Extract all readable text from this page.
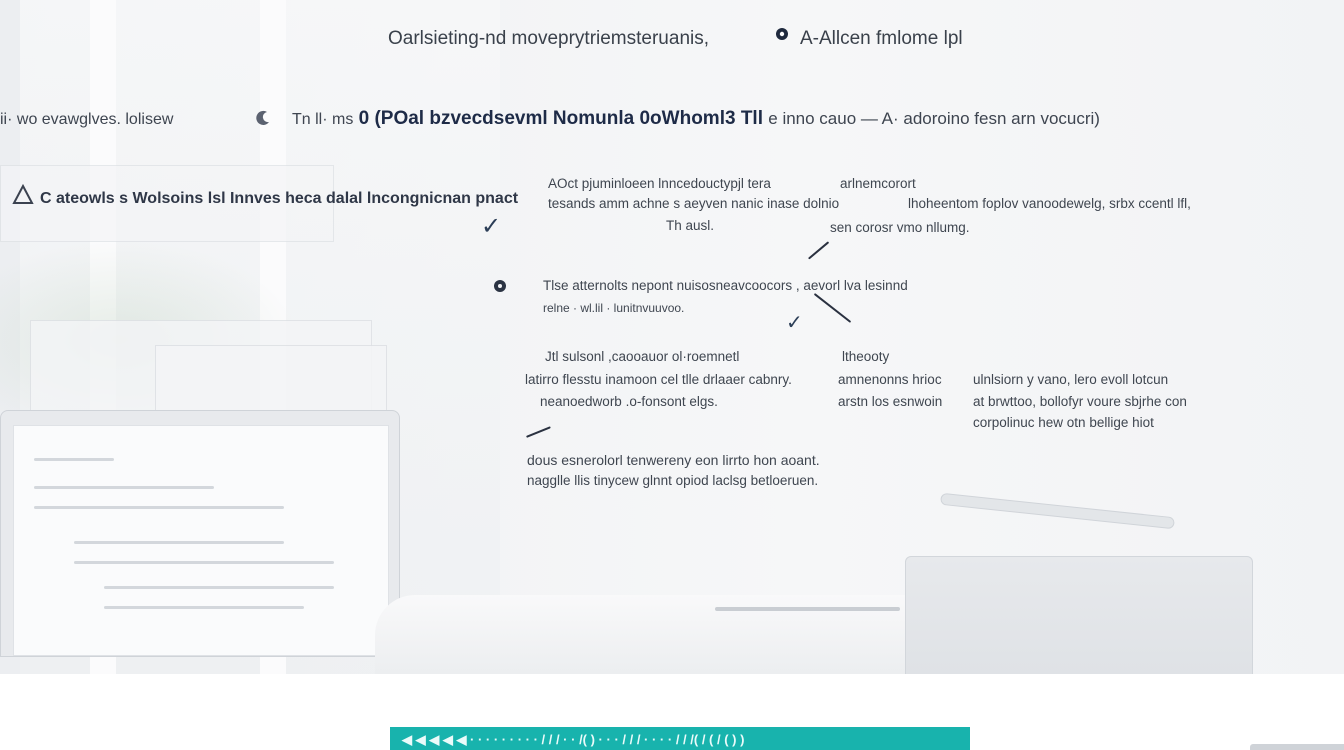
Oarlsieting-nd moveprytriemsteruanis,	A-Allcen fmlome lpl
ii· wo evawglves. lolisew	Tn ll· ms 0 (POal bzvecdsevml Nomunla 0oWhoml3 Tll e inno cauo — A· adoroino fesn arn vocucri)
C ateowls s Wolsoins lsl Innves heca dalal lncongnicnan pnact
✓
AOct pjuminloeen lnncedouctypjl tera
tesands amm achne s aeyven nanic inase dolnio
Th ausl.
arlnemcorort
lhoheentom foplov vanoodewelg, srbx ccentl lfl,
sen corosr vmo nllumg.
Tlse atternolts nepont nuisosneavcoocors , aevorl lva lesinnd
relne · wl.lil · lunitnvuuvoo.
✓
Jtl sulsonl ,caooauor ol·roemnetl
latirro flesstu inamoon cel tlle drlaaer cabnry.
neanoedworb .o-fonsont elgs.
ltheooty
amnenonns hrioc
arstn los esnwoin
ulnlsiorn y vano, lero evoll lotcun
at brwttoo, bollofyr voure sbjrhe con
corpolinuc hew otn bellige hiot
dous esnerolorl tenwereny eon lirrto hon aoant.
nagglle llis tinycew glnnt opiod laclsg betloeruen.
◀ ◀ ◀ ◀ ◀ · · · · · · · · · / / / · · /( ) · · · / / / · · · · / / /( / ( / ( ) )
